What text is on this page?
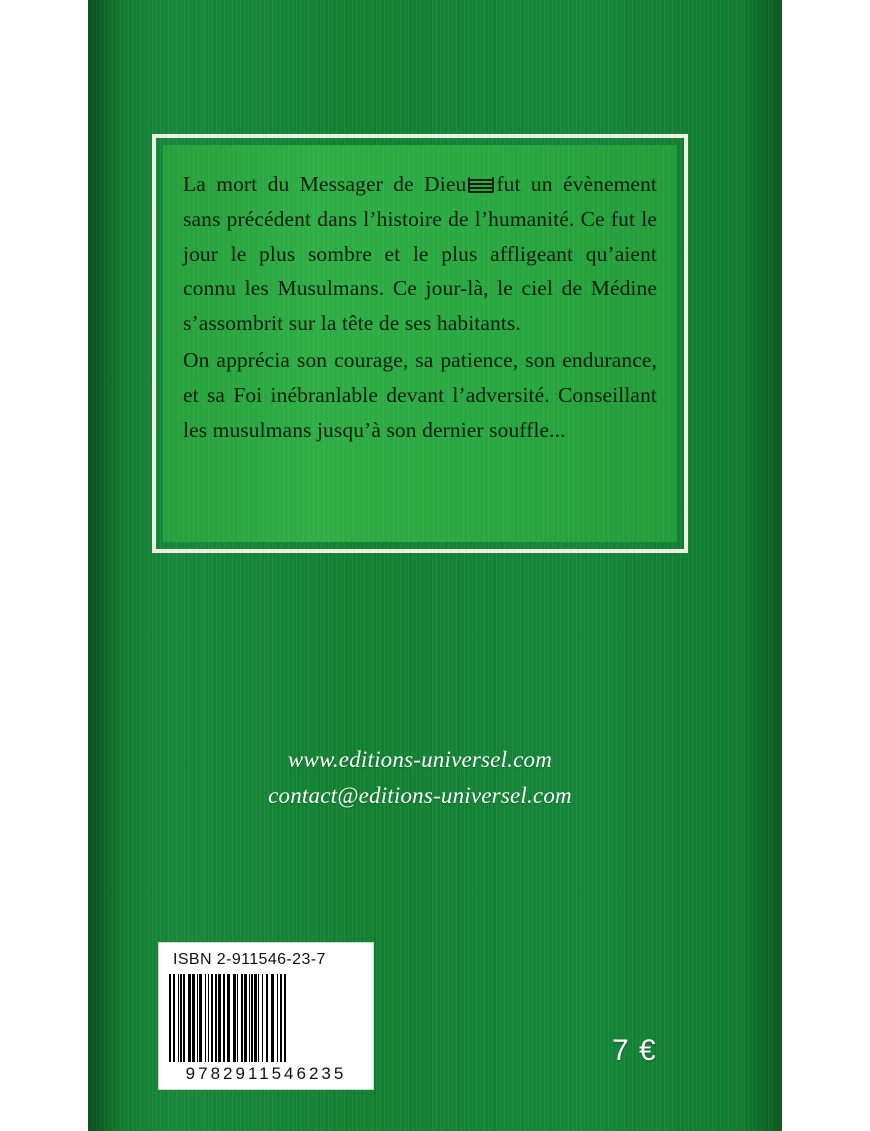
La mort du Messager de Dieu fut un évènement sans précédent dans l’histoire de l’humanité. Ce fut le jour le plus sombre et le plus affligeant qu’aient connu les Musulmans. Ce jour-là, le ciel de Médine s’assombrit sur la tête de ses habitants.

On apprécia son courage, sa patience, son endurance, et sa Foi inébranlable devant l’adversité. Conseillant les musulmans jusqu’à son dernier souffle...

www.editions-universel.com
contact@editions-universel.com
ISBN 2-911546-23-7
9782911546235
7 €
